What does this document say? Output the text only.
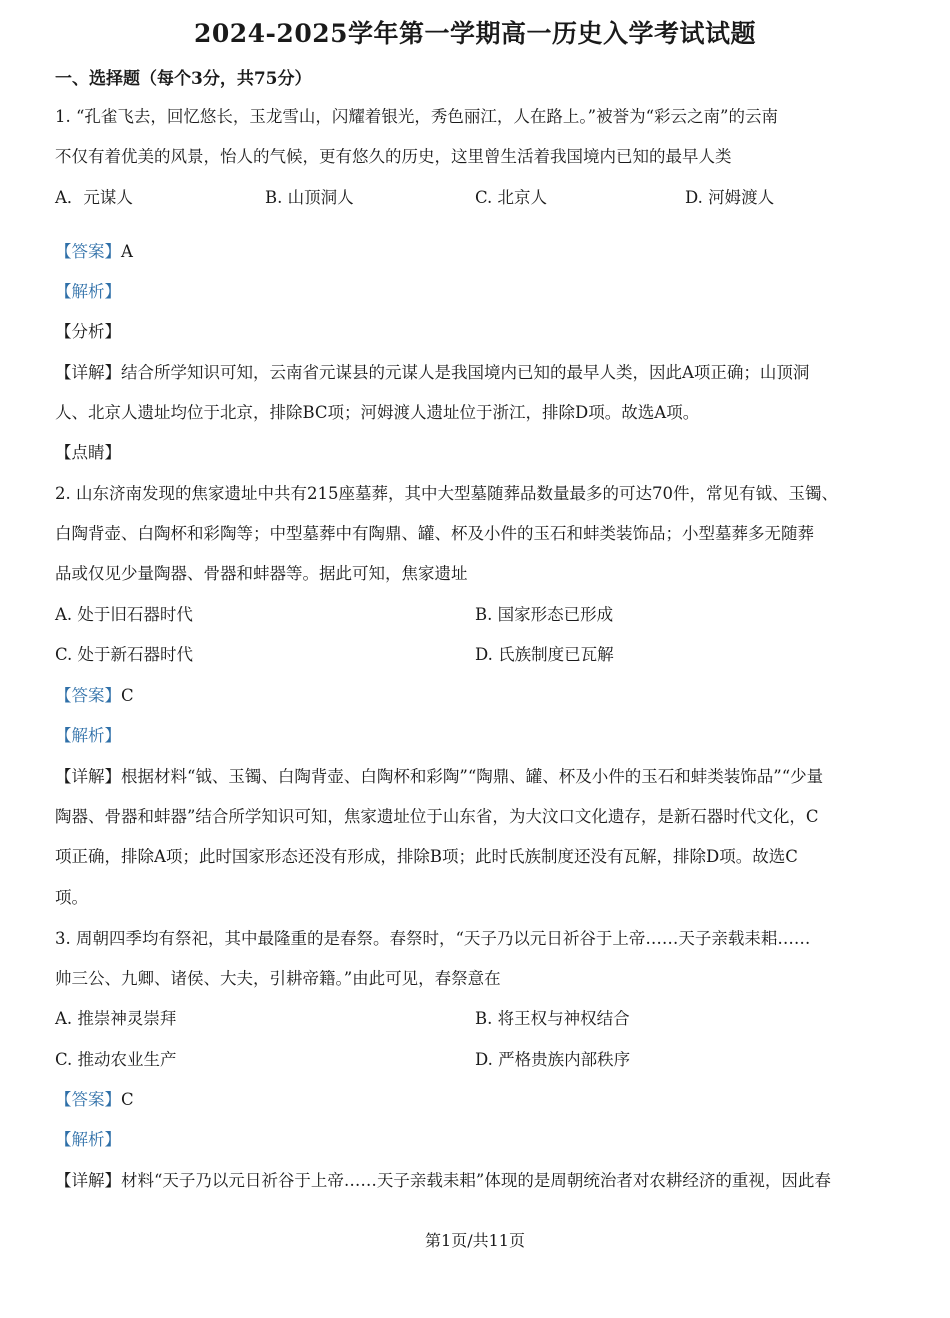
2024-2025学年第一学期高一历史入学考试试题
一、选择题（每个3分，共75分）
1. “孔雀飞去，回忆悠长，玉龙雪山，闪耀着银光，秀色丽江，人在路上。”被誉为“彩云之南”的云南
不仅有着优美的风景，怡人的气候，更有悠久的历史，这里曾生活着我国境内已知的最早人类
A．元谋人	B. 山顶洞人	C. 北京人	D. 河姆渡人
【答案】A
【解析】
【分析】
【详解】结合所学知识可知，云南省元谋县的元谋人是我国境内已知的最早人类，因此A项正确；山顶洞
人、北京人遗址均位于北京，排除BC项；河姆渡人遗址位于浙江，排除D项。故选A项。
【点睛】
2. 山东济南发现的焦家遗址中共有215座墓葬，其中大型墓随葬品数量最多的可达70件，常见有钺、玉镯、
白陶背壶、白陶杯和彩陶等；中型墓葬中有陶鼎、罐、杯及小件的玉石和蚌类装饰品；小型墓葬多无随葬
品或仅见少量陶器、骨器和蚌器等。据此可知，焦家遗址
A. 处于旧石器时代	B. 国家形态已形成
C. 处于新石器时代	D. 氏族制度已瓦解
【答案】C
【解析】
【详解】根据材料“钺、玉镯、白陶背壶、白陶杯和彩陶”“陶鼎、罐、杯及小件的玉石和蚌类装饰品”“少量
陶器、骨器和蚌器”结合所学知识可知，焦家遗址位于山东省，为大汶口文化遗存，是新石器时代文化，C
项正确，排除A项；此时国家形态还没有形成，排除B项；此时氏族制度还没有瓦解，排除D项。故选C
项。
3. 周朝四季均有祭祀，其中最隆重的是春祭。春祭时，“天子乃以元日祈谷于上帝……天子亲载耒耜……
帅三公、九卿、诸侯、大夫，引耕帝籍。”由此可见，春祭意在
A. 推崇神灵崇拜	B. 将王权与神权结合
C. 推动农业生产	D. 严格贵族内部秩序
【答案】C
【解析】
【详解】材料“天子乃以元日祈谷于上帝……天子亲载耒耜”体现的是周朝统治者对农耕经济的重视，因此春
第1页/共11页
